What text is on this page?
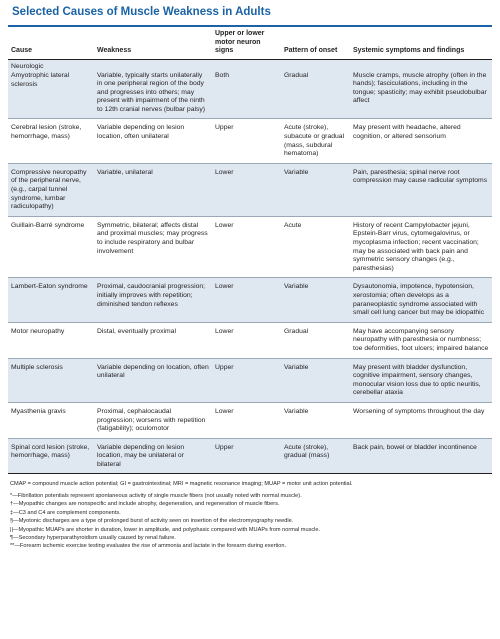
Selected Causes of Muscle Weakness in Adults
Cause	Weakness	Upper or lower motor neuron signs	Pattern of onset	Systemic symptoms and findings

Neurologic
Amyotrophic lateral sclerosis	Variable, typically starts unilaterally in one peripheral region of the body and progresses into others; may present with impairment of the ninth to 12th cranial nerves (bulbar palsy)	Both	Gradual	Muscle cramps, muscle atrophy (often in the hands); fasciculations, including in the tongue; spasticity; may exhibit pseudobulbar affect
Cerebral lesion (stroke, hemorrhage, mass)	Variable depending on lesion location, often unilateral	Upper	Acute (stroke), subacute or gradual (mass, subdural hematoma)	May present with headache, altered cognition, or altered sensorium
Compressive neuropathy of the peripheral nerve, (e.g., carpal tunnel syndrome, lumbar radiculopathy)	Variable, unilateral	Lower	Variable	Pain, paresthesia; spinal nerve root compression may cause radicular symptoms
Guillain-Barré syndrome	Symmetric, bilateral; affects distal and proximal muscles; may progress to include respiratory and bulbar involvement	Lower	Acute	History of recent Campylobacter jejuni, Epstein-Barr virus, cytomegalovirus, or mycoplasma infection; recent vaccination; may be associated with back pain and symmetric sensory changes (e.g., paresthesias)
Lambert-Eaton syndrome	Proximal, caudocranial progression; initially improves with repetition; diminished tendon reflexes	Lower	Variable	Dysautonomia, impotence, hypotension, xerostomia; often develops as a paraneoplastic syndrome associated with small cell lung cancer but may be idiopathic
Motor neuropathy	Distal, eventually proximal	Lower	Gradual	May have accompanying sensory neuropathy with paresthesia or numbness; toe deformities, foot ulcers; impaired balance
Multiple sclerosis	Variable depending on location, often unilateral	Upper	Variable	May present with bladder dysfunction, cognitive impairment, sensory changes, monocular vision loss due to optic neuritis, cerebellar ataxia
Myasthenia gravis	Proximal, cephalocaudal progression; worsens with repetition (fatigability); oculomotor	Lower	Variable	Worsening of symptoms throughout the day
Spinal cord lesion (stroke, hemorrhage, mass)	Variable depending on lesion location, may be unilateral or bilateral	Upper	Acute (stroke), gradual (mass)	Back pain, bowel or bladder incontinence

CMAP = compound muscle action potential; GI = gastrointestinal; MRI = magnetic resonance imaging; MUAP = motor unit action potential.

*—Fibrillation potentials represent spontaneous activity of single muscle fibers (not usually noted with normal muscle).

†—Myopathic changes are nonspecific and include atrophy, degeneration, and regeneration of muscle fibers.

‡—C3 and C4 are complement components.

§—Myotonic discharges are a type of prolonged burst of activity seen on insertion of the electromyography needle.

||—Myopathic MUAPs are shorter in duration, lower in amplitude, and polyphasic compared with MUAPs from normal muscle.

¶—Secondary hyperparathyroidism usually caused by renal failure.

**—Forearm ischemic exercise testing evaluates the rise of ammonia and lactate in the forearm during exertion.
